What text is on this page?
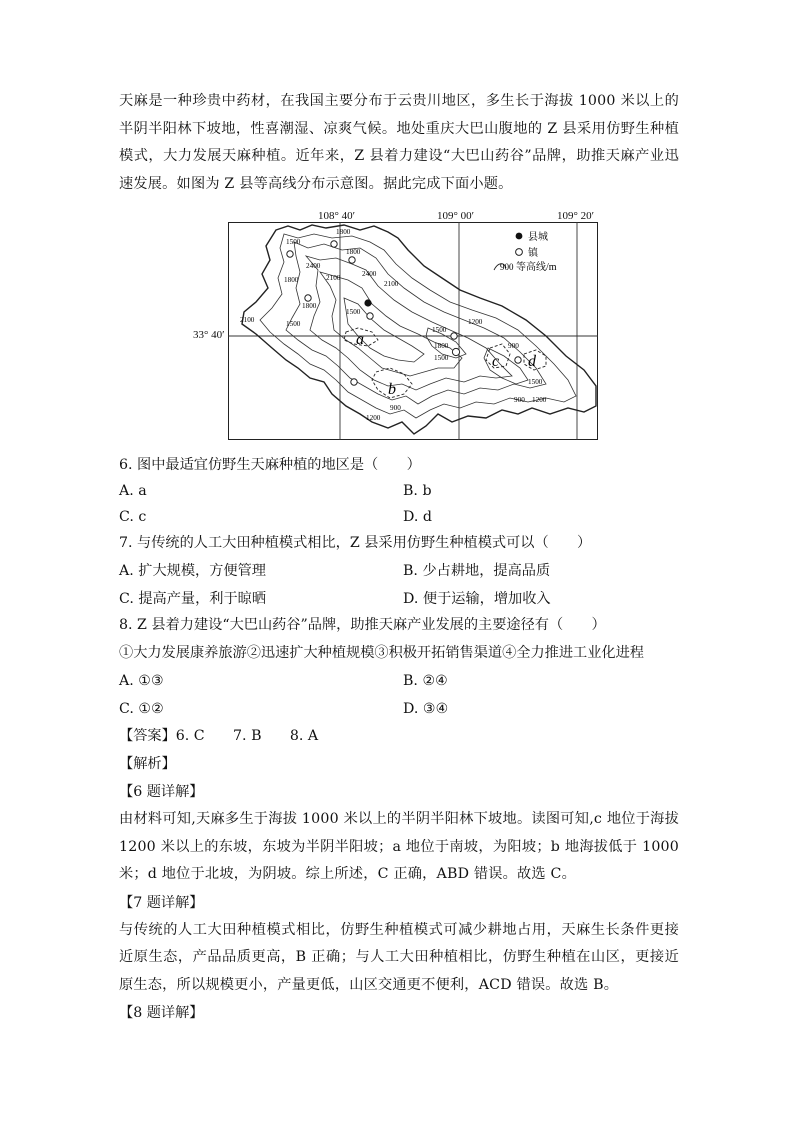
天麻是一种珍贵中药材，在我国主要分布于云贵川地区，多生长于海拔 1000 米以上的半阴半阳林下坡地，性喜潮湿、凉爽气候。地处重庆大巴山腹地的 Z 县采用仿野生种植模式，大力发展天麻种植。近年来，Z 县着力建设“大巴山药谷”品牌，助推天麻产业迅速发展。如图为 Z 县等高线分布示意图。据此完成下面小题。

a
b
c d
1500
1800
2400
1800
2100	2400
2100
1800
2100	1500
1500
1800
1500
1200
1800	900
1500
900 1200
1200
900
1500
县城
镇
900 等高线/m
108° 40′	109° 00′	109° 20′
33° 40′

6. 图中最适宜仿野生天麻种植的地区是（　　）

A. a	B. b
C. c	D. d

7. 与传统的人工大田种植模式相比，Z 县采用仿野生种植模式可以（　　）

A. 扩大规模，方便管理	B. 少占耕地，提高品质
C. 提高产量，利于晾晒	D. 便于运输，增加收入

8. Z 县着力建设“大巴山药谷”品牌，助推天麻产业发展的主要途径有（　　）

①大力发展康养旅游②迅速扩大种植规模③积极开拓销售渠道④全力推进工业化进程

A. ①③	B. ②④
C. ①②	D. ③④

【答案】6. C　　7. B　　8. A

【解析】

【6 题详解】

由材料可知,天麻多生于海拔 1000 米以上的半阴半阳林下坡地。读图可知,c 地位于海拔 1200 米以上的东坡，东坡为半阴半阳坡；a 地位于南坡，为阳坡；b 地海拔低于 1000 米；d 地位于北坡，为阴坡。综上所述，C 正确，ABD 错误。故选 C。

【7 题详解】

与传统的人工大田种植模式相比，仿野生种植模式可减少耕地占用，天麻生长条件更接近原生态，产品品质更高，B 正确；与人工大田种植相比，仿野生种植在山区，更接近原生态，所以规模更小，产量更低，山区交通更不便利，ACD 错误。故选 B。

【8 题详解】
